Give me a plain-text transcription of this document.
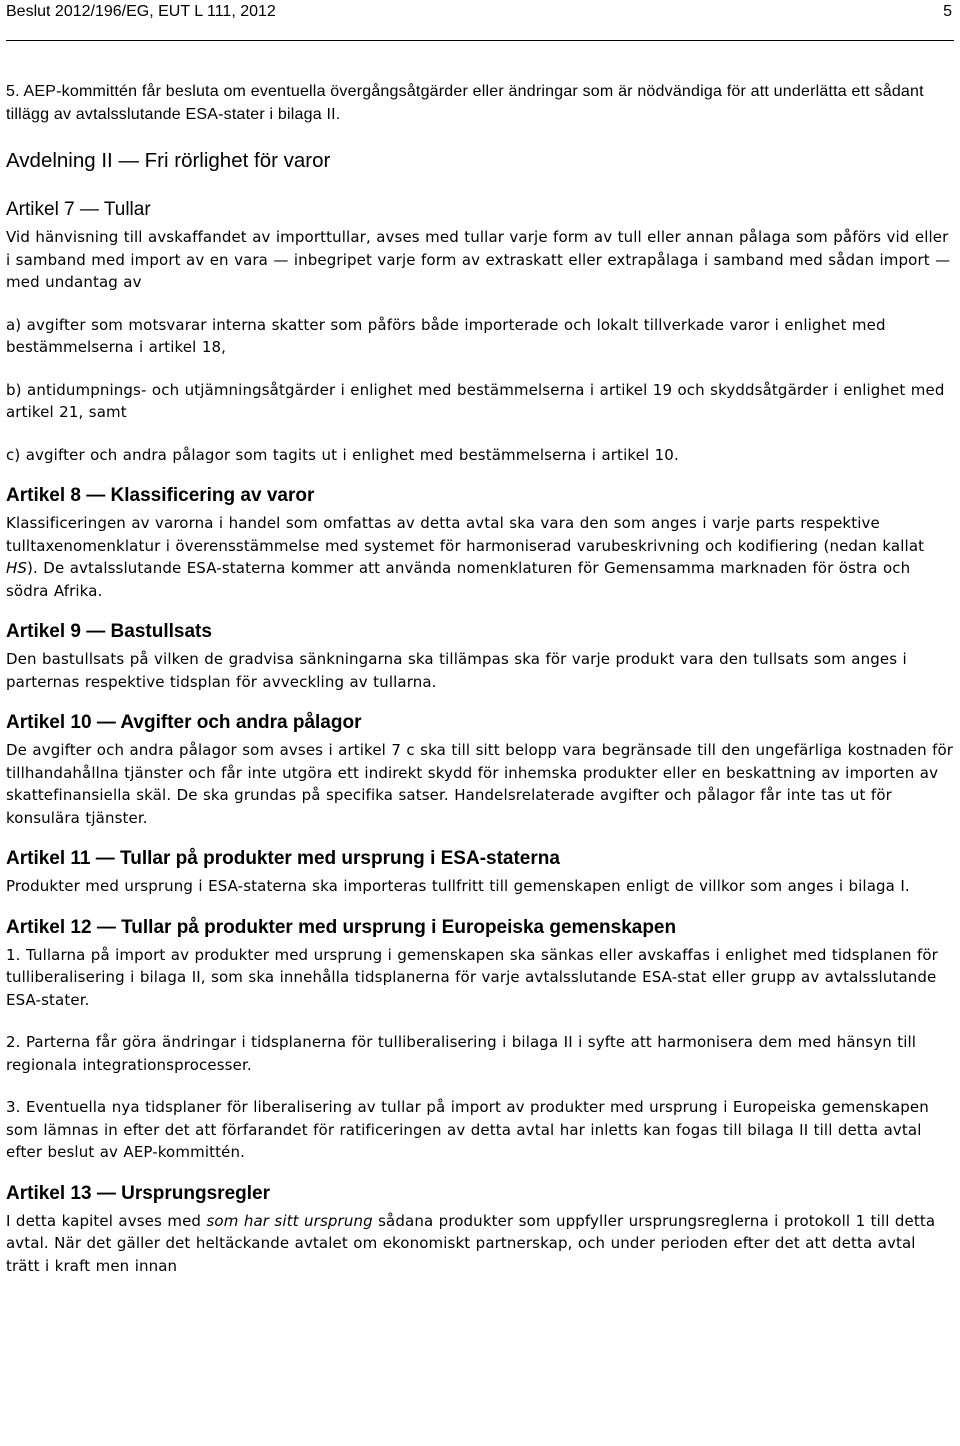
Beslut 2012/196/EG, EUT L 111, 2012	5

5. AEP-kommittén får besluta om eventuella övergångsåtgärder eller ändringar som är nödvändiga för att underlätta ett sådant tillägg av avtalsslutande ESA-stater i bilaga II.

Avdelning II — Fri rörlighet för varor
Artikel 7 — Tullar

Vid hänvisning till avskaffandet av importtullar, avses med tullar varje form av tull eller annan pålaga som påförs vid eller i samband med import av en vara — inbegripet varje form av extraskatt eller extrapålaga i samband med sådan import — med undantag av

a) avgifter som motsvarar interna skatter som påförs både importerade och lokalt tillverkade varor i enlighet med bestämmelserna i artikel 18,

b) antidumpnings- och utjämningsåtgärder i enlighet med bestämmelserna i artikel 19 och skyddsåtgärder i enlighet med artikel 21, samt

c) avgifter och andra pålagor som tagits ut i enlighet med bestämmelserna i artikel 10.

Artikel 8 — Klassificering av varor

Klassificeringen av varorna i handel som omfattas av detta avtal ska vara den som anges i varje parts respektive tulltaxenomenklatur i överensstämmelse med systemet för harmoniserad varubeskrivning och kodifiering (nedan kallat HS). De avtalsslutande ESA-staterna kommer att använda nomenklaturen för Gemensamma marknaden för östra och södra Afrika.

Artikel 9 — Bastullsats

Den bastullsats på vilken de gradvisa sänkningarna ska tillämpas ska för varje produkt vara den tullsats som anges i parternas respektive tidsplan för avveckling av tullarna.

Artikel 10 — Avgifter och andra pålagor

De avgifter och andra pålagor som avses i artikel 7 c ska till sitt belopp vara begränsade till den ungefärliga kostnaden för tillhandahållna tjänster och får inte utgöra ett indirekt skydd för inhemska produkter eller en beskattning av importen av skattefinansiella skäl. De ska grundas på specifika satser. Handelsrelaterade avgifter och pålagor får inte tas ut för konsulära tjänster.

Artikel 11 — Tullar på produkter med ursprung i ESA-staterna

Produkter med ursprung i ESA-staterna ska importeras tullfritt till gemenskapen enligt de villkor som anges i bilaga I.

Artikel 12 — Tullar på produkter med ursprung i Europeiska gemenskapen

1. Tullarna på import av produkter med ursprung i gemenskapen ska sänkas eller avskaffas i enlighet med tidsplanen för tulliberalisering i bilaga II, som ska innehålla tidsplanerna för varje avtalsslutande ESA-stat eller grupp av avtalsslutande ESA-stater.

2. Parterna får göra ändringar i tidsplanerna för tulliberalisering i bilaga II i syfte att harmonisera dem med hänsyn till regionala integrationsprocesser.

3. Eventuella nya tidsplaner för liberalisering av tullar på import av produkter med ursprung i Europeiska gemenskapen som lämnas in efter det att förfarandet för ratificeringen av detta avtal har inletts kan fogas till bilaga II till detta avtal efter beslut av AEP-kommittén.

Artikel 13 — Ursprungsregler

I detta kapitel avses med som har sitt ursprung sådana produkter som uppfyller ursprungsreglerna i protokoll 1 till detta avtal. När det gäller det heltäckande avtalet om ekonomiskt partnerskap, och under perioden efter det att detta avtal trätt i kraft men innan
